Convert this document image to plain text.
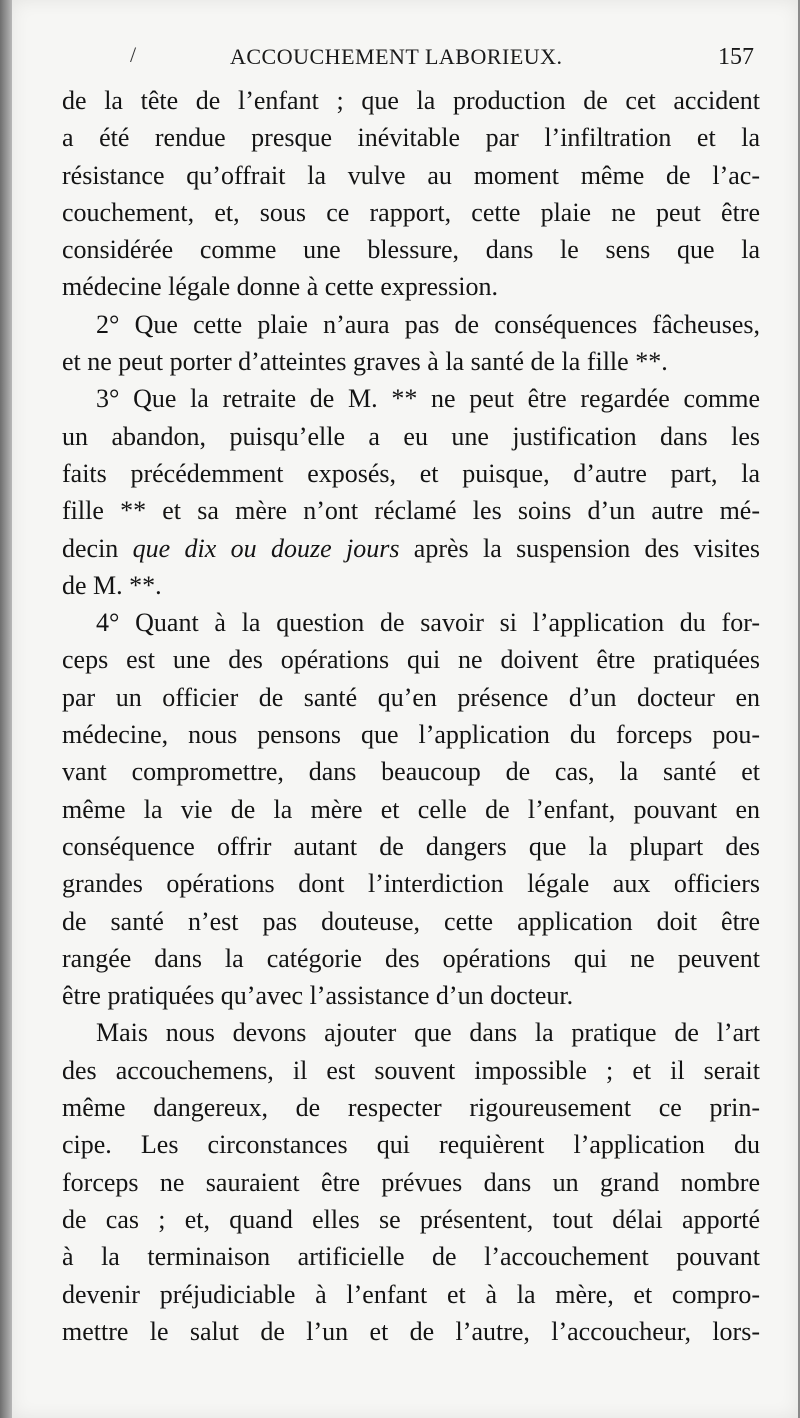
/	ACCOUCHEMENT LABORIEUX.	157
de la tête de l’enfant ; que la production de cet accident
a été rendue presque inévitable par l’infiltration et la
résistance qu’offrait la vulve au moment même de l’ac-
couchement, et, sous ce rapport, cette plaie ne peut être
considérée comme une blessure, dans le sens que la
médecine légale donne à cette expression.
2° Que cette plaie n’aura pas de conséquences fâcheuses,
et ne peut porter d’atteintes graves à la santé de la fille **.
3° Que la retraite de M. ** ne peut être regardée comme
un abandon, puisqu’elle a eu une justification dans les
faits précédemment exposés, et puisque, d’autre part, la
fille ** et sa mère n’ont réclamé les soins d’un autre mé-
decin que dix ou douze jours après la suspension des visites
de M. **.
4° Quant à la question de savoir si l’application du for-
ceps est une des opérations qui ne doivent être pratiquées
par un officier de santé qu’en présence d’un docteur en
médecine, nous pensons que l’application du forceps pou-
vant compromettre, dans beaucoup de cas, la santé et
même la vie de la mère et celle de l’enfant, pouvant en
conséquence offrir autant de dangers que la plupart des
grandes opérations dont l’interdiction légale aux officiers
de santé n’est pas douteuse, cette application doit être
rangée dans la catégorie des opérations qui ne peuvent
être pratiquées qu’avec l’assistance d’un docteur.
Mais nous devons ajouter que dans la pratique de l’art
des accouchemens, il est souvent impossible ; et il serait
même dangereux, de respecter rigoureusement ce prin-
cipe. Les circonstances qui requièrent l’application du
forceps ne sauraient être prévues dans un grand nombre
de cas ; et, quand elles se présentent, tout délai apporté
à la terminaison artificielle de l’accouchement pouvant
devenir préjudiciable à l’enfant et à la mère, et compro-
mettre le salut de l’un et de l’autre, l’accoucheur, lors-
